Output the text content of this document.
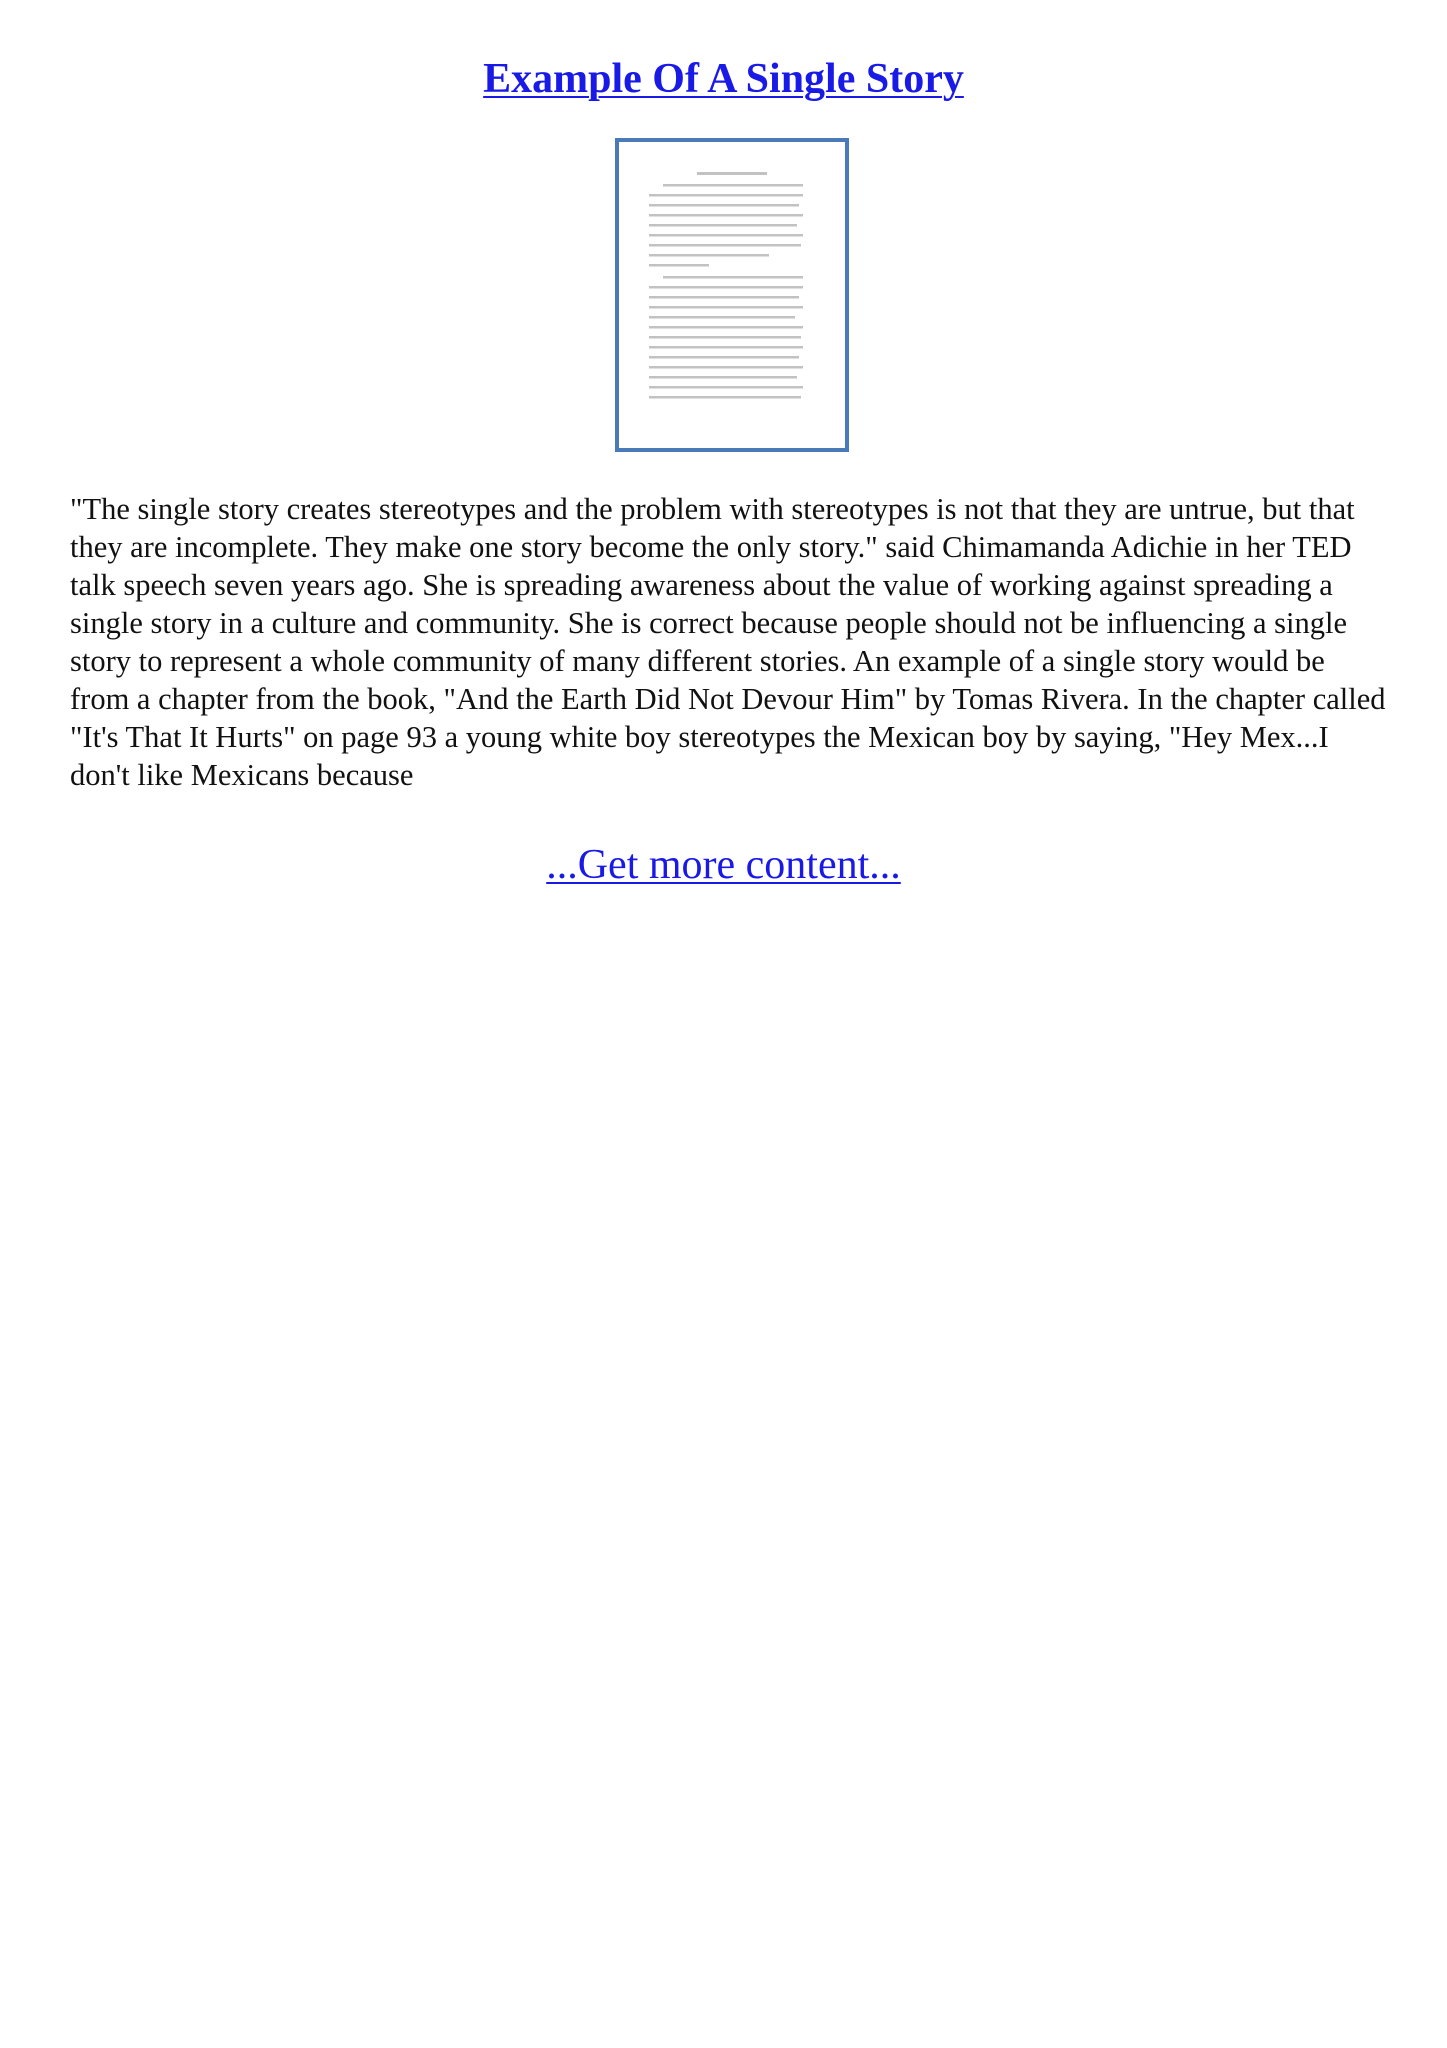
Example Of A Single Story
"The single story creates stereotypes and the problem with stereotypes is not that they are untrue, but that they are incomplete. They make one story become the only story." said Chimamanda Adichie in her TED talk speech seven years ago. She is spreading awareness about the value of working against spreading a single story in a culture and community. She is correct because people should not be influencing a single story to represent a whole community of many different stories. An example of a single story would be from a chapter from the book, "And the Earth Did Not Devour Him" by Tomas Rivera. In the chapter called "It's That It Hurts" on page 93 a young white boy stereotypes the Mexican boy by saying, "Hey Mex...I don't like Mexicans because
...Get more content...
